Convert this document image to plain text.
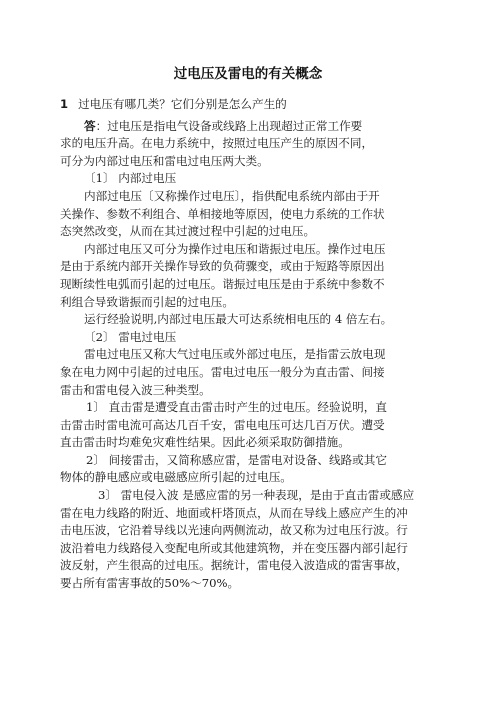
过电压及雷电的有关概念
1 过电压有哪几类？它们分别是怎么产生的
答：过电压是指电气设备或线路上出现超过正常工作要
求的电压升高。在电力系统中，按照过电压产生的原因不同，
可分为内部过电压和雷电过电压两大类。
〔1〕 内部过电压
内部过电压〔又称操作过电压〕，指供配电系统内部由于开
关操作、参数不利组合、单相接地等原因，使电力系统的工作状
态突然改变，从而在其过渡过程中引起的过电压。
内部过电压又可分为操作过电压和谐振过电压。操作过电压
是由于系统内部开关操作导致的负荷骤变，或由于短路等原因出
现断续性电弧而引起的过电压。谐振过电压是由于系统中参数不
利组合导致谐振而引起的过电压。
运行经验说明,内部过电压最大可达系统相电压的 4 倍左右。
〔2〕 雷电过电压
雷电过电压又称大气过电压或外部过电压，是指雷云放电现
象在电力网中引起的过电压。雷电过电压一般分为直击雷、间接
雷击和雷电侵入波三种类型。
1〕 直击雷是遭受直击雷击时产生的过电压。经验说明，直
击雷击时雷电流可高达几百千安，雷电电压可达几百万伏。遭受
直击雷击时均难免灾难性结果。因此必须采取防御措施。
2〕 间接雷击，又简称感应雷，是雷电对设备、线路或其它
物体的静电感应或电磁感应所引起的过电压。
3〕 雷电侵入波 是感应雷的另一种表现，是由于直击雷或感应
雷在电力线路的附近、地面或杆塔顶点，从而在导线上感应产生的冲
击电压波，它沿着导线以光速向两侧流动，故又称为过电压行波。行
波沿着电力线路侵入变配电所或其他建筑物，并在变压器内部引起行
波反射，产生很高的过电压。据统计，雷电侵入波造成的雷害事故，
要占所有雷害事故的50%～70%。
